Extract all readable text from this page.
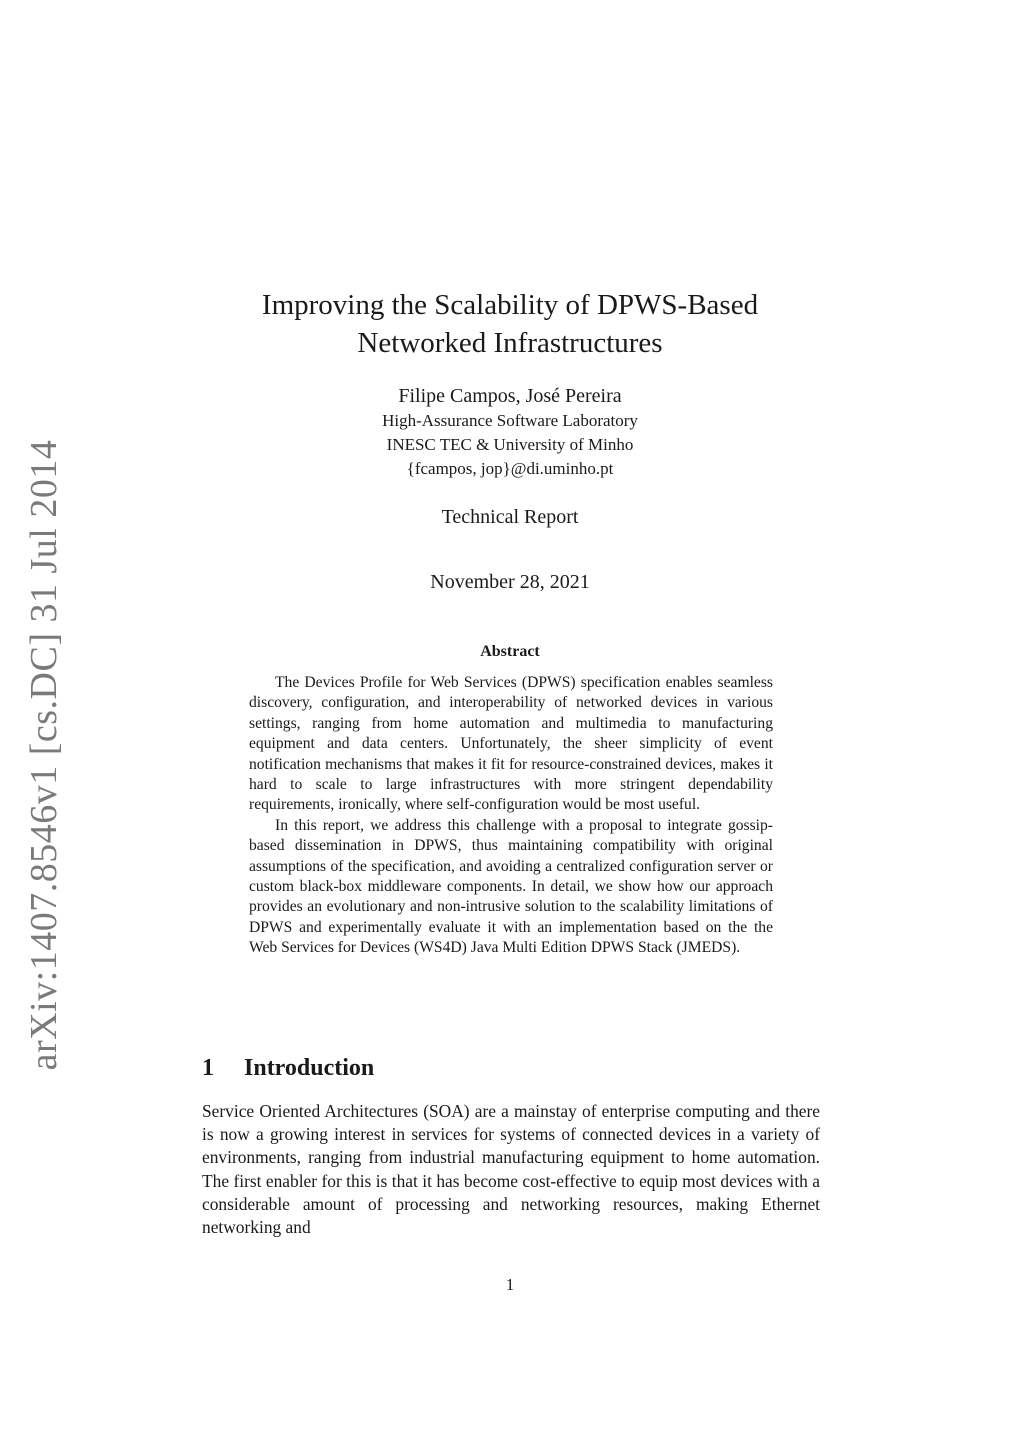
arXiv:1407.8546v1 [cs.DC] 31 Jul 2014
Improving the Scalability of DPWS-Based
Networked Infrastructures
Filipe Campos, José Pereira
High-Assurance Software Laboratory
INESC TEC & University of Minho
{fcampos, jop}@di.uminho.pt
Technical Report
November 28, 2021
Abstract

The Devices Profile for Web Services (DPWS) specification enables seamless discovery, configuration, and interoperability of networked devices in various settings, ranging from home automation and multimedia to manufacturing equipment and data centers. Unfortunately, the sheer simplicity of event notification mechanisms that makes it fit for resource-constrained devices, makes it hard to scale to large infrastructures with more stringent dependability requirements, ironically, where self-configuration would be most useful.

In this report, we address this challenge with a proposal to integrate gossip-based dissemination in DPWS, thus maintaining compatibility with original assumptions of the specification, and avoiding a centralized configuration server or custom black-box middleware components. In detail, we show how our approach provides an evolutionary and non-intrusive solution to the scalability limitations of DPWS and experimentally evaluate it with an implementation based on the the Web Services for Devices (WS4D) Java Multi Edition DPWS Stack (JMEDS).

1 Introduction

Service Oriented Architectures (SOA) are a mainstay of enterprise computing and there is now a growing interest in services for systems of connected devices in a variety of environments, ranging from industrial manufacturing equipment to home automation. The first enabler for this is that it has become cost-effective to equip most devices with a considerable amount of processing and networking resources, making Ethernet networking and

1
